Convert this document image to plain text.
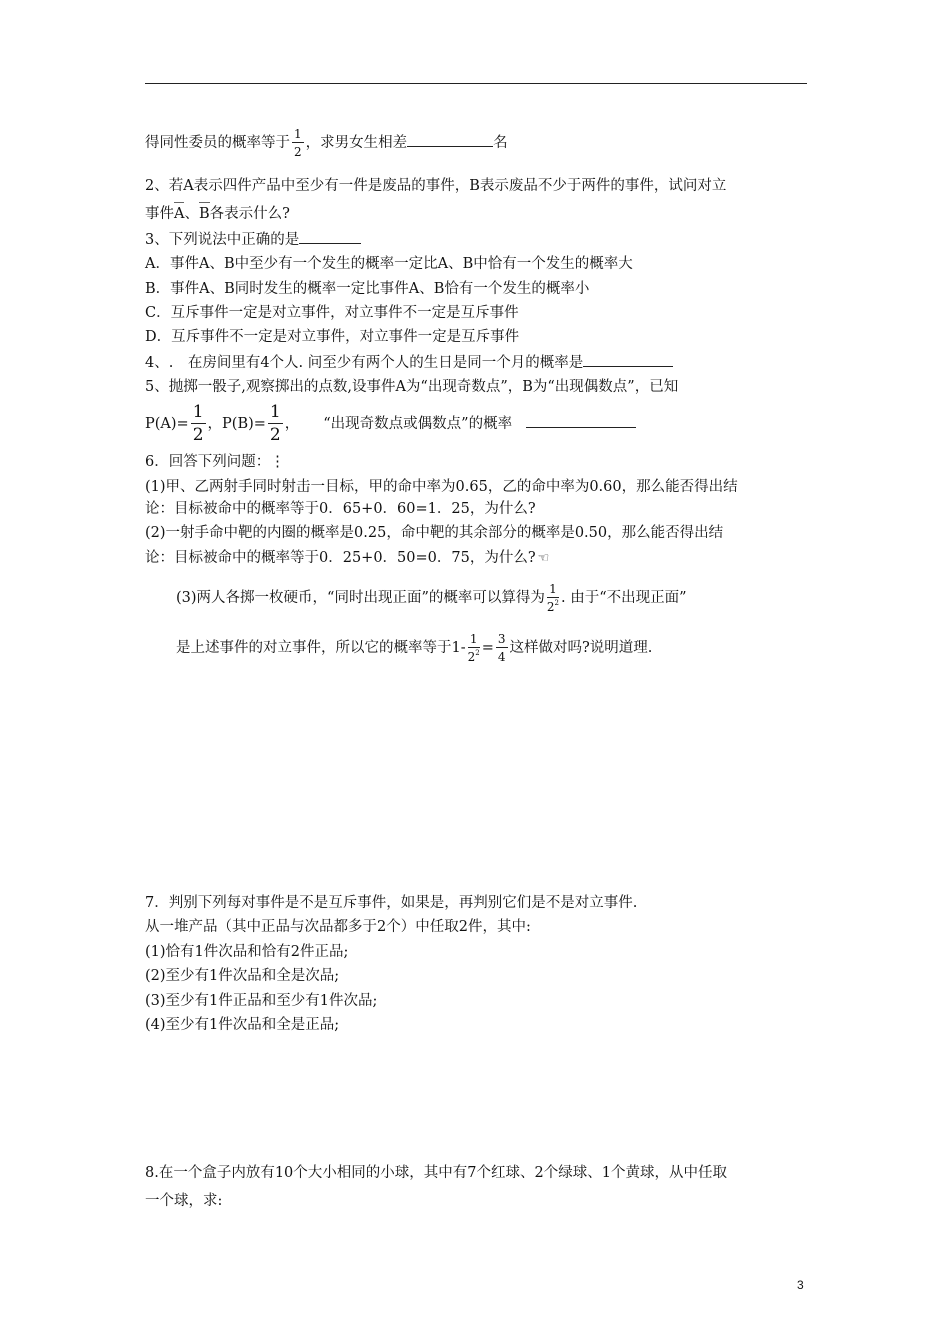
得同性委员的概率等于 $\frac{1}{2}$ ，求男女生相差	名
2、若A表示四件产品中至少有一件是废品的事件，B表示废品不少于两件的事件，试问对立
事件A、B各表示什么?
3、下列说法中正确的是
A．事件A、B中至少有一个发生的概率一定比A、B中恰有一个发生的概率大
B．事件A、B同时发生的概率一定比事件A、B恰有一个发生的概率小
C．互斥事件一定是对立事件，对立事件不一定是互斥事件
D．互斥事件不一定是对立事件，对立事件一定是互斥事件
4、.　在房间里有4个人. 问至少有两个人的生日是同一个月的概率是
5、抛掷一骰子,观察掷出的点数,设事件A为“出现奇数点”，B为“出现偶数点”，已知
$P(A)= \frac{1}{2}$ ，$P(B)= \frac{1}{2}$ ， “出现奇数点或偶数点”的概率
6．回答下列问题：⋮
(1)甲、乙两射手同时射击一目标，甲的命中率为0.65，乙的命中率为0.60，那么能否得出结
论：目标被命中的概率等于0．65+0．60=1．25，为什么?
(2)一射手命中靶的内圈的概率是0.25，命中靶的其余部分的概率是0.50，那么能否得出结
论：目标被命中的概率等于0．25+0．50=0．75，为什么? ☜
(3)两人各掷一枚硬币，“同时出现正面”的概率可以算得为 $\frac{1}{2^2}$ . 由于“不出现正面”
是上述事件的对立事件，所以它的概率等于$1- \frac{1}{2^2} = \frac{3}{4}$ 这样做对吗?说明道理.
7．判别下列每对事件是不是互斥事件，如果是，再判别它们是不是对立事件.
从一堆产品（其中正品与次品都多于2个）中任取2件，其中:
(1)恰有1件次品和恰有2件正品;
(2)至少有1件次品和全是次品;
(3)至少有1件正品和至少有1件次品;
(4)至少有1件次品和全是正品;
8.在一个盒子内放有10个大小相同的小球，其中有7个红球、2个绿球、1个黄球，从中任取
一个球，求:
3
